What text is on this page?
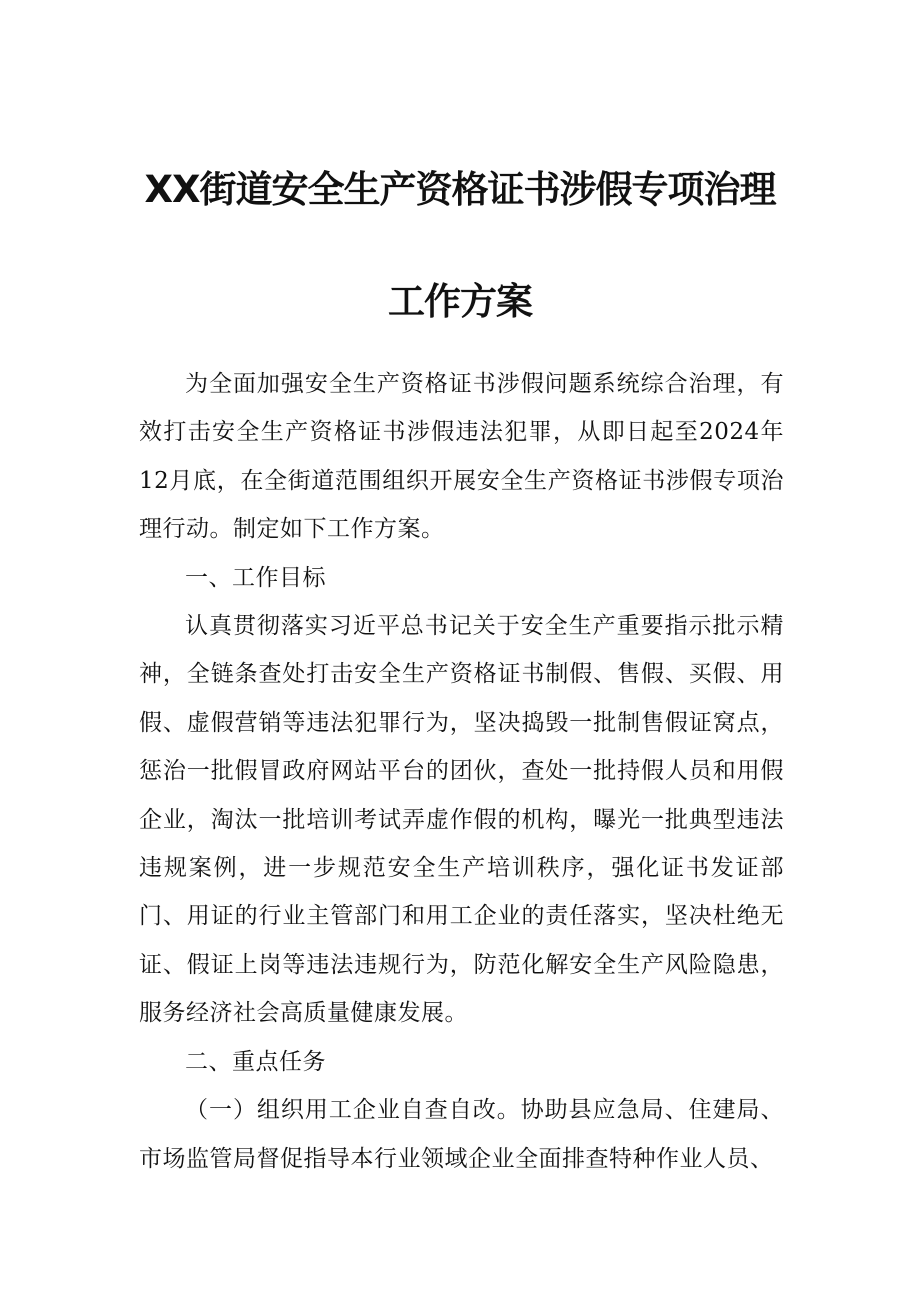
XX街道安全生产资格证书涉假专项治理
工作方案

为全面加强安全生产资格证书涉假问题系统综合治理，有效打击安全生产资格证书涉假违法犯罪，从即日起至2024年12月底，在全街道范围组织开展安全生产资格证书涉假专项治理行动。制定如下工作方案。

一、工作目标

认真贯彻落实习近平总书记关于安全生产重要指示批示精神，全链条查处打击安全生产资格证书制假、售假、买假、用假、虚假营销等违法犯罪行为，坚决捣毁一批制售假证窝点，惩治一批假冒政府网站平台的团伙，查处一批持假人员和用假企业，淘汰一批培训考试弄虚作假的机构，曝光一批典型违法违规案例，进一步规范安全生产培训秩序，强化证书发证部门、用证的行业主管部门和用工企业的责任落实，坚决杜绝无证、假证上岗等违法违规行为，防范化解安全生产风险隐患，服务经济社会高质量健康发展。

二、重点任务

（一）组织用工企业自查自改。协助县应急局、住建局、市场监管局督促指导本行业领域企业全面排查特种作业人员、
